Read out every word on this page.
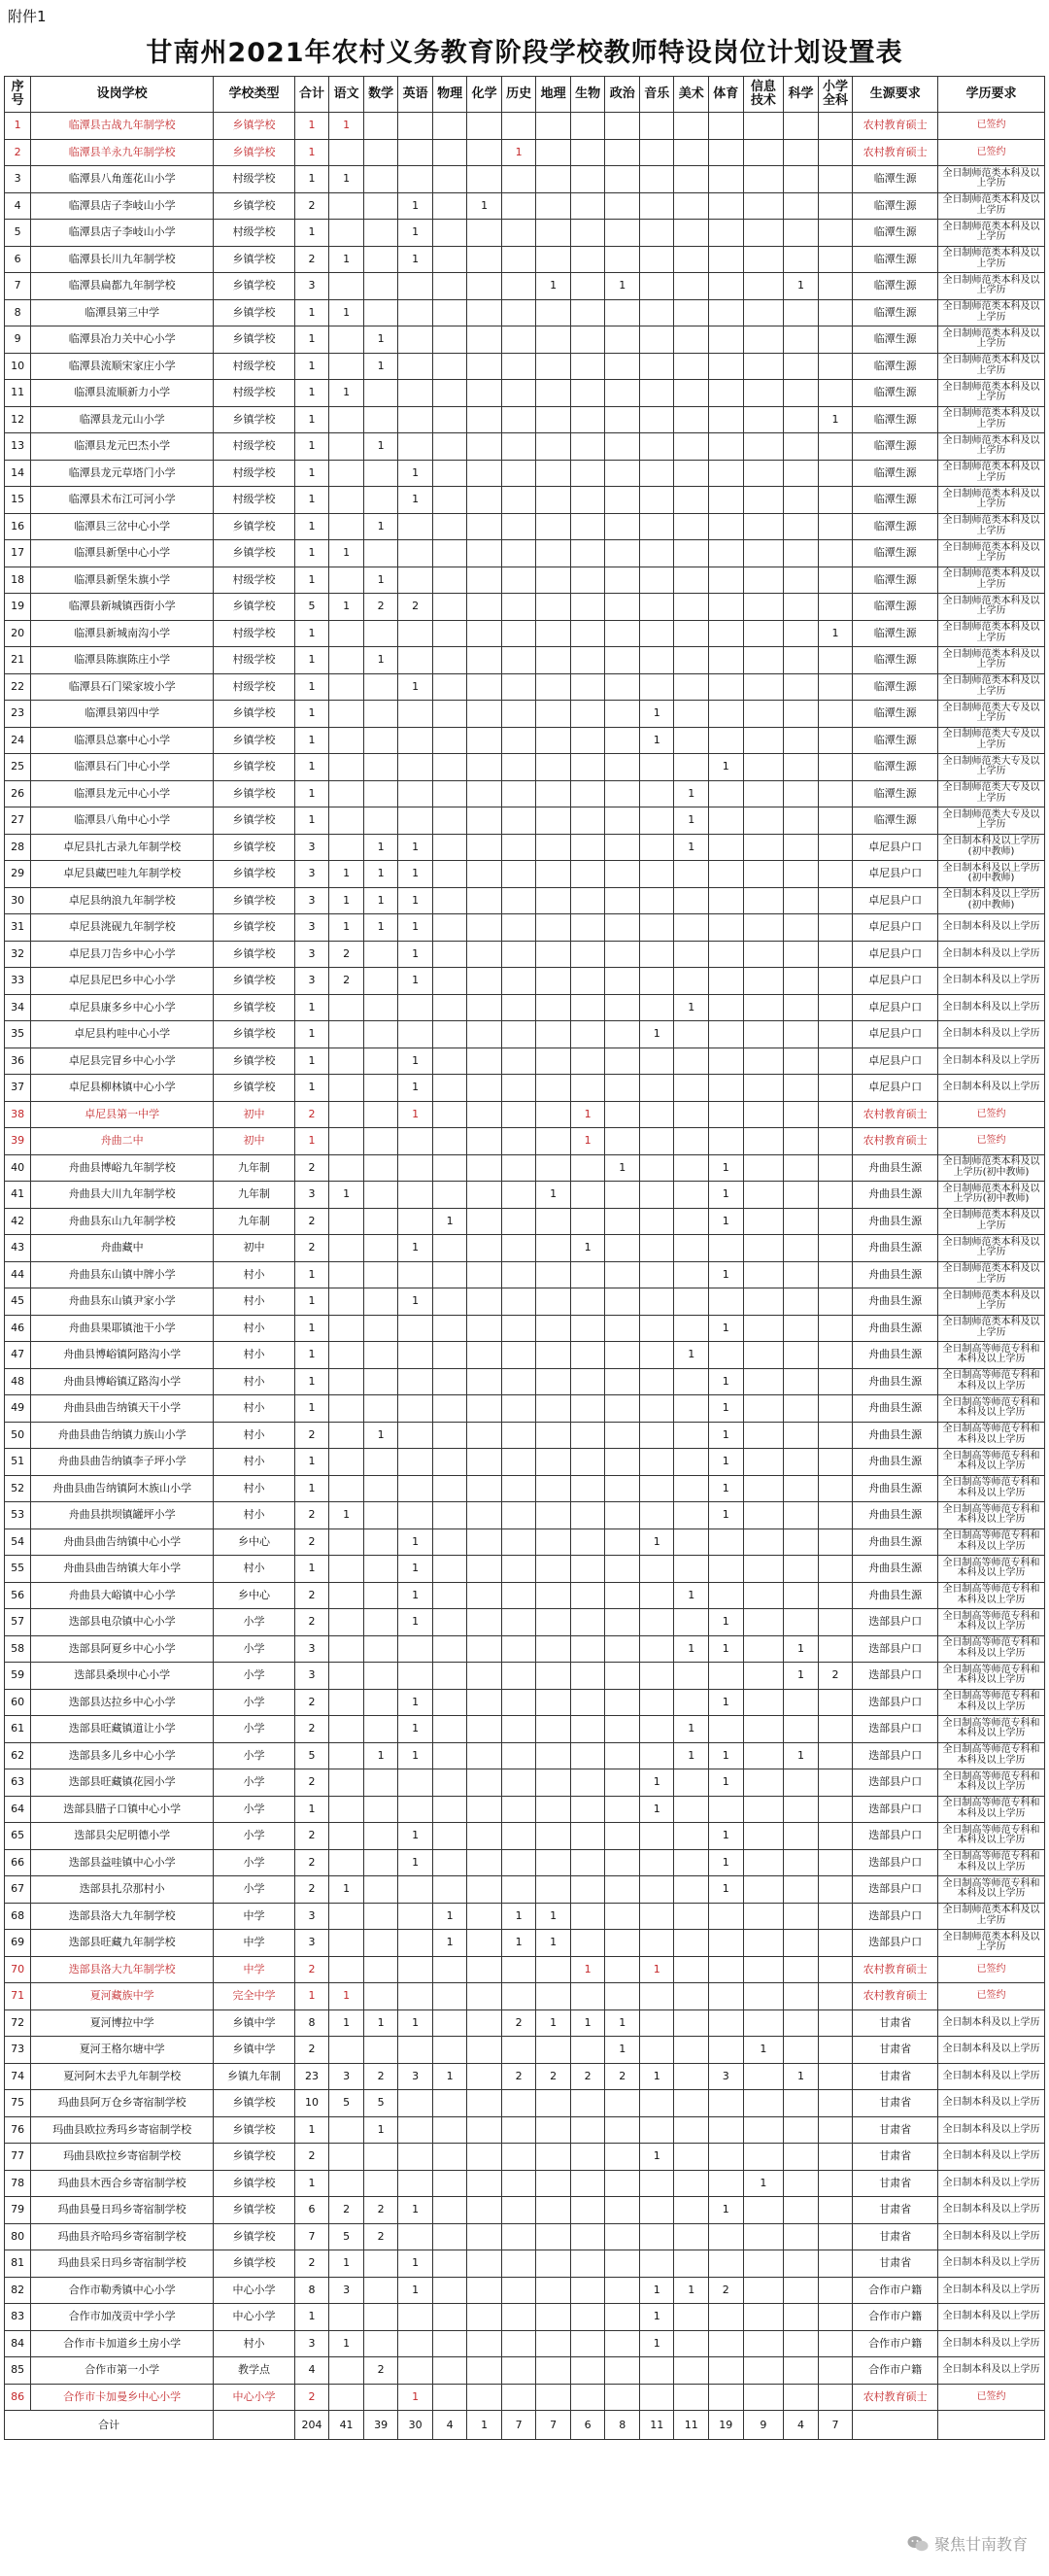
附件1
甘南州2021年农村义务教育阶段学校教师特设岗位计划设置表
序号	设岗学校	学校类型	合计	语文	数学	英语	物理	化学	历史	地理	生物	政治	音乐	美术	体育	信息技术	科学	小学全科	生源要求	学历要求
1	临潭县古战九年制学校	乡镇学校	1	1															农村教育硕士	已签约
2	临潭县羊永九年制学校	乡镇学校	1						1										农村教育硕士	已签约
3	临潭县八角莲花山小学	村级学校	1	1															临潭生源	全日制师范类本科及以上学历
4	临潭县店子李岐山小学	乡镇学校	2			1		1											临潭生源	全日制师范类本科及以上学历
5	临潭县店子李岐山小学	村级学校	1			1													临潭生源	全日制师范类本科及以上学历
6	临潭县长川九年制学校	乡镇学校	2	1		1													临潭生源	全日制师范类本科及以上学历
7	临潭县扁都九年制学校	乡镇学校	3							1		1					1		临潭生源	全日制师范类本科及以上学历
8	临潭县第三中学	乡镇学校	1	1															临潭生源	全日制师范类本科及以上学历
9	临潭县冶力关中心小学	乡镇学校	1		1														临潭生源	全日制师范类本科及以上学历
10	临潭县流顺宋家庄小学	村级学校	1		1														临潭生源	全日制师范类本科及以上学历
11	临潭县流顺新力小学	村级学校	1	1															临潭生源	全日制师范类本科及以上学历
12	临潭县龙元山小学	乡镇学校	1															1	临潭生源	全日制师范类本科及以上学历
13	临潭县龙元巴杰小学	村级学校	1		1														临潭生源	全日制师范类本科及以上学历
14	临潭县龙元草塔门小学	村级学校	1			1													临潭生源	全日制师范类本科及以上学历
15	临潭县术布江可河小学	村级学校	1			1													临潭生源	全日制师范类本科及以上学历
16	临潭县三岔中心小学	乡镇学校	1		1														临潭生源	全日制师范类本科及以上学历
17	临潭县新堡中心小学	乡镇学校	1	1															临潭生源	全日制师范类本科及以上学历
18	临潭县新堡朱旗小学	村级学校	1		1														临潭生源	全日制师范类本科及以上学历
19	临潭县新城镇西街小学	乡镇学校	5	1	2	2													临潭生源	全日制师范类本科及以上学历
20	临潭县新城南沟小学	村级学校	1															1	临潭生源	全日制师范类本科及以上学历
21	临潭县陈旗陈庄小学	村级学校	1		1														临潭生源	全日制师范类本科及以上学历
22	临潭县石门梁家坡小学	村级学校	1			1													临潭生源	全日制师范类本科及以上学历
23	临潭县第四中学	乡镇学校	1										1						临潭生源	全日制师范类大专及以上学历
24	临潭县总寨中心小学	乡镇学校	1										1						临潭生源	全日制师范类大专及以上学历
25	临潭县石门中心小学	乡镇学校	1												1				临潭生源	全日制师范类大专及以上学历
26	临潭县龙元中心小学	乡镇学校	1											1					临潭生源	全日制师范类大专及以上学历
27	临潭县八角中心小学	乡镇学校	1											1					临潭生源	全日制师范类大专及以上学历
28	卓尼县扎古录九年制学校	乡镇学校	3		1	1								1					卓尼县户口	全日制本科及以上学历(初中教师)
29	卓尼县藏巴哇九年制学校	乡镇学校	3	1	1	1													卓尼县户口	全日制本科及以上学历(初中教师)
30	卓尼县纳浪九年制学校	乡镇学校	3	1	1	1													卓尼县户口	全日制本科及以上学历(初中教师)
31	卓尼县洮砚九年制学校	乡镇学校	3	1	1	1													卓尼县户口	全日制本科及以上学历
32	卓尼县刀告乡中心小学	乡镇学校	3	2		1													卓尼县户口	全日制本科及以上学历
33	卓尼县尼巴乡中心小学	乡镇学校	3	2		1													卓尼县户口	全日制本科及以上学历
34	卓尼县康多乡中心小学	乡镇学校	1											1					卓尼县户口	全日制本科及以上学历
35	卓尼县杓哇中心小学	乡镇学校	1										1						卓尼县户口	全日制本科及以上学历
36	卓尼县完冒乡中心小学	乡镇学校	1			1													卓尼县户口	全日制本科及以上学历
37	卓尼县柳林镇中心小学	乡镇学校	1			1													卓尼县户口	全日制本科及以上学历
38	卓尼县第一中学	初中	2			1					1								农村教育硕士	已签约
39	舟曲二中	初中	1								1								农村教育硕士	已签约
40	舟曲县博峪九年制学校	九年制	2									1			1				舟曲县生源	全日制师范类本科及以上学历(初中教师)
41	舟曲县大川九年制学校	九年制	3	1						1					1				舟曲县生源	全日制师范类本科及以上学历(初中教师)
42	舟曲县东山九年制学校	九年制	2				1								1				舟曲县生源	全日制师范类本科及以上学历
43	舟曲藏中	初中	2			1					1								舟曲县生源	全日制师范类本科及以上学历
44	舟曲县东山镇中牌小学	村小	1												1				舟曲县生源	全日制师范类本科及以上学历
45	舟曲县东山镇尹家小学	村小	1			1													舟曲县生源	全日制师范类本科及以上学历
46	舟曲县果耶镇池干小学	村小	1												1				舟曲县生源	全日制师范类本科及以上学历
47	舟曲县博峪镇阿路沟小学	村小	1											1					舟曲县生源	全日制高等师范专科和本科及以上学历
48	舟曲县博峪镇辽路沟小学	村小	1												1				舟曲县生源	全日制高等师范专科和本科及以上学历
49	舟曲县曲告纳镇天干小学	村小	1												1				舟曲县生源	全日制高等师范专科和本科及以上学历
50	舟曲县曲告纳镇力族山小学	村小	2		1										1				舟曲县生源	全日制高等师范专科和本科及以上学历
51	舟曲县曲告纳镇李子坪小学	村小	1												1				舟曲县生源	全日制高等师范专科和本科及以上学历
52	舟曲县曲告纳镇阿木族山小学	村小	1												1				舟曲县生源	全日制高等师范专科和本科及以上学历
53	舟曲县拱坝镇罐坪小学	村小	2	1											1				舟曲县生源	全日制高等师范专科和本科及以上学历
54	舟曲县曲告纳镇中心小学	乡中心	2			1							1						舟曲县生源	全日制高等师范专科和本科及以上学历
55	舟曲县曲告纳镇大年小学	村小	1			1													舟曲县生源	全日制高等师范专科和本科及以上学历
56	舟曲县大峪镇中心小学	乡中心	2			1								1					舟曲县生源	全日制高等师范专科和本科及以上学历
57	迭部县电尕镇中心小学	小学	2			1									1				迭部县户口	全日制高等师范专科和本科及以上学历
58	迭部县阿夏乡中心小学	小学	3											1	1		1		迭部县户口	全日制高等师范专科和本科及以上学历
59	迭部县桑坝中心小学	小学	3														1	2	迭部县户口	全日制高等师范专科和本科及以上学历
60	迭部县达拉乡中心小学	小学	2			1									1				迭部县户口	全日制高等师范专科和本科及以上学历
61	迭部县旺藏镇道让小学	小学	2			1								1					迭部县户口	全日制高等师范专科和本科及以上学历
62	迭部县多儿乡中心小学	小学	5		1	1								1	1		1		迭部县户口	全日制高等师范专科和本科及以上学历
63	迭部县旺藏镇花园小学	小学	2										1		1				迭部县户口	全日制高等师范专科和本科及以上学历
64	迭部县腊子口镇中心小学	小学	1										1						迭部县户口	全日制高等师范专科和本科及以上学历
65	迭部县尖尼明德小学	小学	2			1									1				迭部县户口	全日制高等师范专科和本科及以上学历
66	迭部县益哇镇中心小学	小学	2			1									1				迭部县户口	全日制高等师范专科和本科及以上学历
67	迭部县扎尕那村小	小学	2	1											1				迭部县户口	全日制高等师范专科和本科及以上学历
68	迭部县洛大九年制学校	中学	3				1		1	1									迭部县户口	全日制师范类本科及以上学历
69	迭部县旺藏九年制学校	中学	3				1		1	1									迭部县户口	全日制师范类本科及以上学历
70	迭部县洛大九年制学校	中学	2								1		1						农村教育硕士	已签约
71	夏河藏族中学	完全中学	1	1															农村教育硕士	已签约
72	夏河博拉中学	乡镇中学	8	1	1	1			2	1	1	1							甘肃省	全日制本科及以上学历
73	夏河王格尔塘中学	乡镇中学	2									1				1			甘肃省	全日制本科及以上学历
74	夏河阿木去乎九年制学校	乡镇九年制	23	3	2	3	1		2	2	2	2	1		3		1		甘肃省	全日制本科及以上学历
75	玛曲县阿万仓乡寄宿制学校	乡镇学校	10	5	5														甘肃省	全日制本科及以上学历
76	玛曲县欧拉秀玛乡寄宿制学校	乡镇学校	1		1														甘肃省	全日制本科及以上学历
77	玛曲县欧拉乡寄宿制学校	乡镇学校	2										1						甘肃省	全日制本科及以上学历
78	玛曲县木西合乡寄宿制学校	乡镇学校	1													1			甘肃省	全日制本科及以上学历
79	玛曲县曼日玛乡寄宿制学校	乡镇学校	6	2	2	1									1				甘肃省	全日制本科及以上学历
80	玛曲县齐哈玛乡寄宿制学校	乡镇学校	7	5	2														甘肃省	全日制本科及以上学历
81	玛曲县采日玛乡寄宿制学校	乡镇学校	2	1		1													甘肃省	全日制本科及以上学历
82	合作市勒秀镇中心小学	中心小学	8	3		1							1	1	2				合作市户籍	全日制本科及以上学历
83	合作市加茂贡中学小学	中心小学	1										1						合作市户籍	全日制本科及以上学历
84	合作市卡加道乡土房小学	村小	3	1									1						合作市户籍	全日制本科及以上学历
85	合作市第一小学	教学点	4		2														合作市户籍	全日制本科及以上学历
86	合作市卡加曼乡中心小学	中心小学	2			1													农村教育硕士	已签约
合计			204	41	39	30	4	1	7	7	6	8	11	11	19	9	4	7		
聚焦甘南教育
